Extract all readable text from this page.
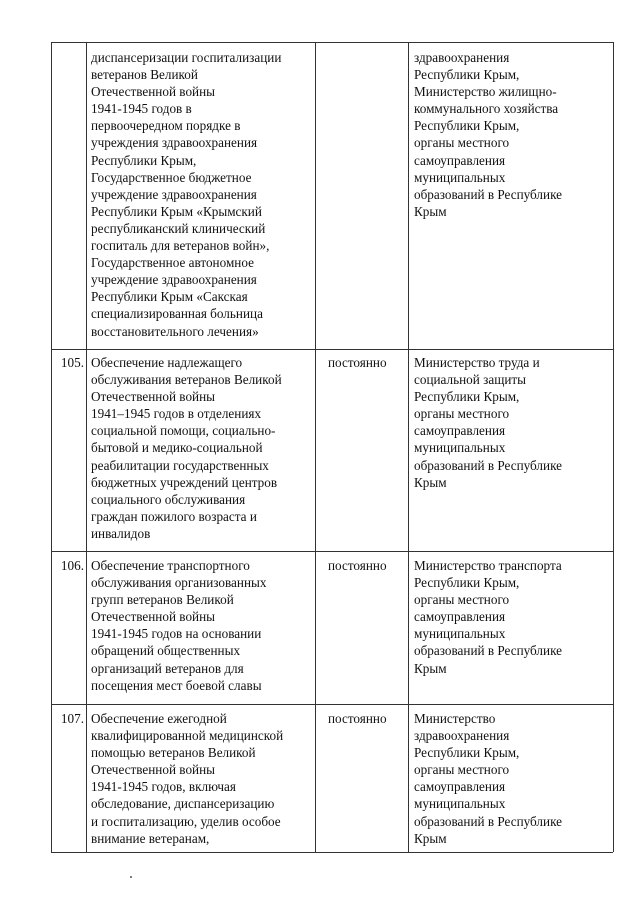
диспансеризации госпитализации
ветеранов Великой
Отечественной войны
1941-1945 годов в
первоочередном порядке в
учреждения здравоохранения
Республики Крым,
Государственное бюджетное
учреждение здравоохранения
Республики Крым «Крымский
республиканский клинический
госпиталь для ветеранов войн»,
Государственное автономное
учреждение здравоохранения
Республики Крым «Сакская
специализированная больница
восстановительного лечения»
здравоохранения
Республики Крым,
Министерство жилищно-
коммунального хозяйства
Республики Крым,
органы местного
самоуправления
муниципальных
образований в Республике
Крым
105. Обеспечение надлежащего
обслуживания ветеранов Великой
Отечественной войны
1941–1945 годов в отделениях
социальной помощи, социально-
бытовой и медико-социальной
реабилитации государственных
бюджетных учреждений центров
социального обслуживания
граждан пожилого возраста и
инвалидов
постоянно Министерство труда и
социальной защиты
Республики Крым,
органы местного
самоуправления
муниципальных
образований в Республике
Крым
106. Обеспечение транспортного
обслуживания организованных
групп ветеранов Великой
Отечественной войны
1941-1945 годов на основании
обращений общественных
организаций ветеранов для
посещения мест боевой славы
постоянно Министерство транспорта
Республики Крым,
органы местного
самоуправления
муниципальных
образований в Республике
Крым
107. Обеспечение ежегодной
квалифицированной медицинской
помощью ветеранов Великой
Отечественной войны
1941-1945 годов, включая
обследование, диспансеризацию
и госпитализацию, уделив особое
внимание ветеранам,
постоянно Министерство
здравоохранения
Республики Крым,
органы местного
самоуправления
муниципальных
образований в Республике
Крым
